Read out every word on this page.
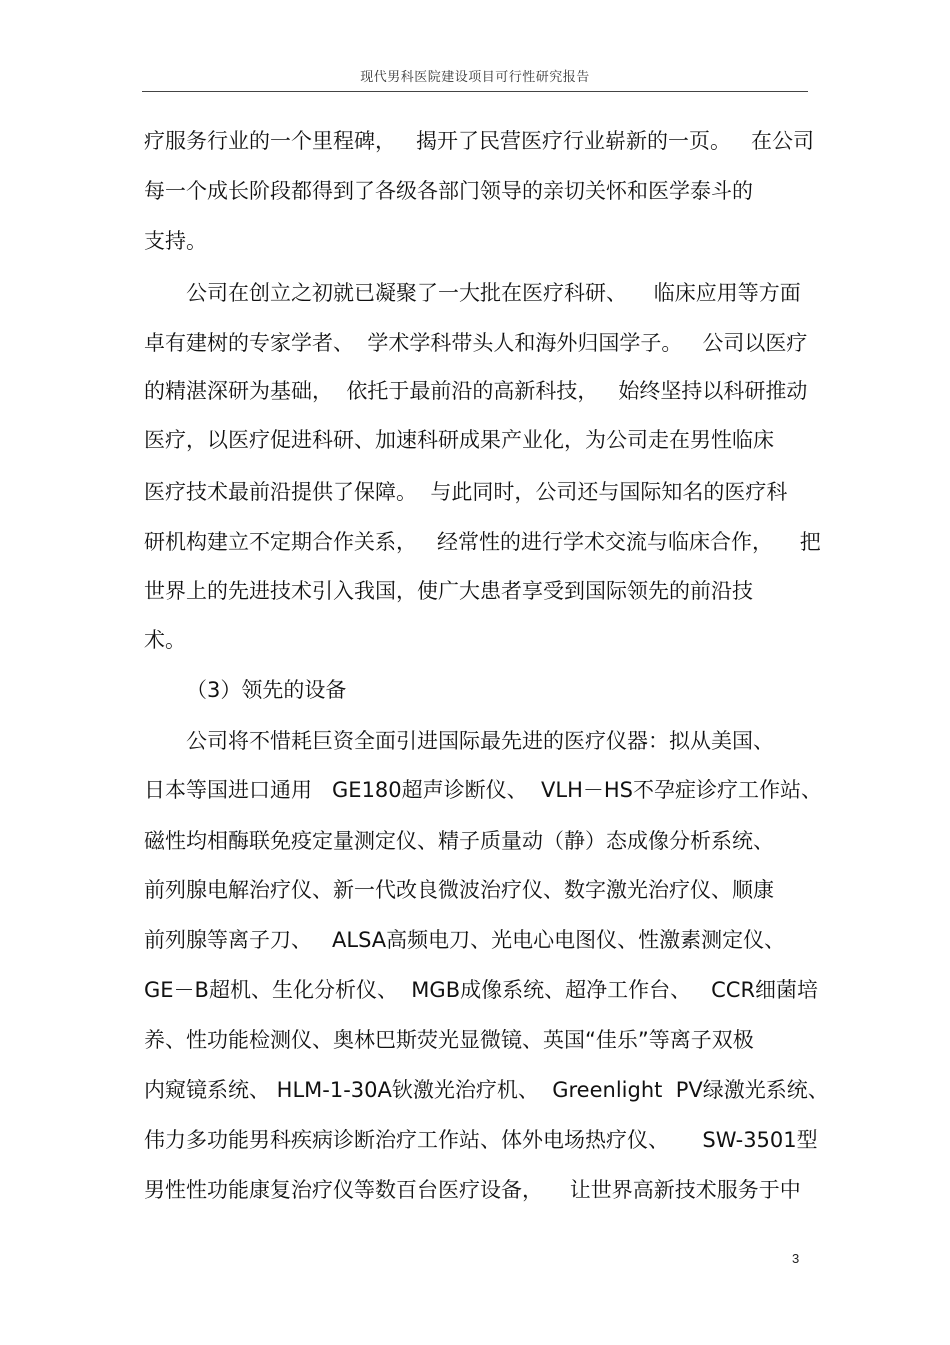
现代男科医院建设项目可行性研究报告
疗服务行业的一个里程碑，   揭开了民营医疗行业崭新的一页。   在公司
每一个成长阶段都得到了各级各部门领导的亲切关怀和医学泰斗的
支持。
公司在创立之初就已凝聚了一大批在医疗科研、    临床应用等方面
卓有建树的专家学者、  学术学科带头人和海外归国学子。   公司以医疗
的精湛深研为基础，  依托于最前沿的高新科技，   始终坚持以科研推动
医疗，以医疗促进科研、加速科研成果产业化，为公司走在男性临床
医疗技术最前沿提供了保障。  与此同时，公司还与国际知名的医疗科
研机构建立不定期合作关系，   经常性的进行学术交流与临床合作，    把
世界上的先进技术引入我国，使广大患者享受到国际领先的前沿技
术。
（3）领先的设备
公司将不惜耗巨资全面引进国际最先进的医疗仪器：拟从美国、
日本等国进口通用   GE180超声诊断仪、  VLH－HS不孕症诊疗工作站、
磁性均相酶联免疫定量测定仪、精子质量动（静）态成像分析系统、
前列腺电解治疗仪、新一代改良微波治疗仪、数字激光治疗仪、顺康
前列腺等离子刀、   ALSA高频电刀、光电心电图仪、性激素测定仪、
GE－B超机、生化分析仪、  MGB成像系统、超净工作台、   CCR细菌培
养、性功能检测仪、奥林巴斯荧光显微镜、英国“佳乐”等离子双极
内窥镜系统、 HLM-1-30A钬激光治疗机、  Greenlight  PV绿激光系统、
伟力多功能男科疾病诊断治疗工作站、体外电场热疗仪、     SW-3501型
男性性功能康复治疗仪等数百台医疗设备，    让世界高新技术服务于中
3
